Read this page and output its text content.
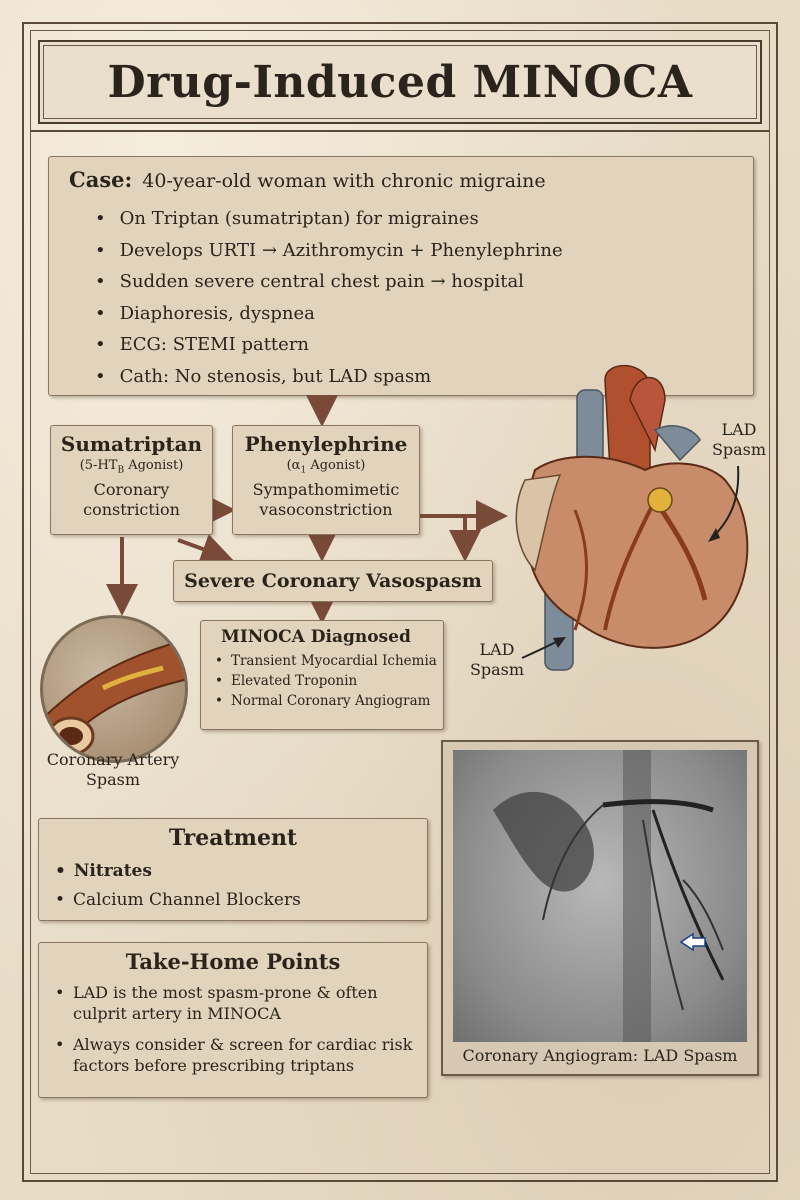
Drug-Induced MINOCA
Case: 40-year-old woman with chronic migraine
• On Triptan (sumatriptan) for migraines
• Develops URTI → Azithromycin + Phenylephrine
• Sudden severe central chest pain → hospital
• Diaphoresis, dyspnea
• ECG: STEMI pattern
• Cath: No stenosis, but LAD spasm
Sumatriptan
($5-HT_B$ Agonist)
Coronary
constriction
Phenylephrine
($\alpha_1$ Agonist)
Sympathomimetic
vasoconstriction
Severe Coronary Vasospasm
MINOCA Diagnosed
• Transient Myocardial Ichemia
• Elevated Troponin
• Normal Coronary Angiogram
Coronary Artery
Spasm
LAD
Spasm
LAD
Spasm
Treatment
• Nitrates
• Calcium Channel Blockers
Take-Home Points
• LAD is the most spasm-prone & often culprit artery in MINOCA
• Always consider & screen for cardiac risk factors before prescribing triptans
Coronary Angiogram: LAD Spasm
